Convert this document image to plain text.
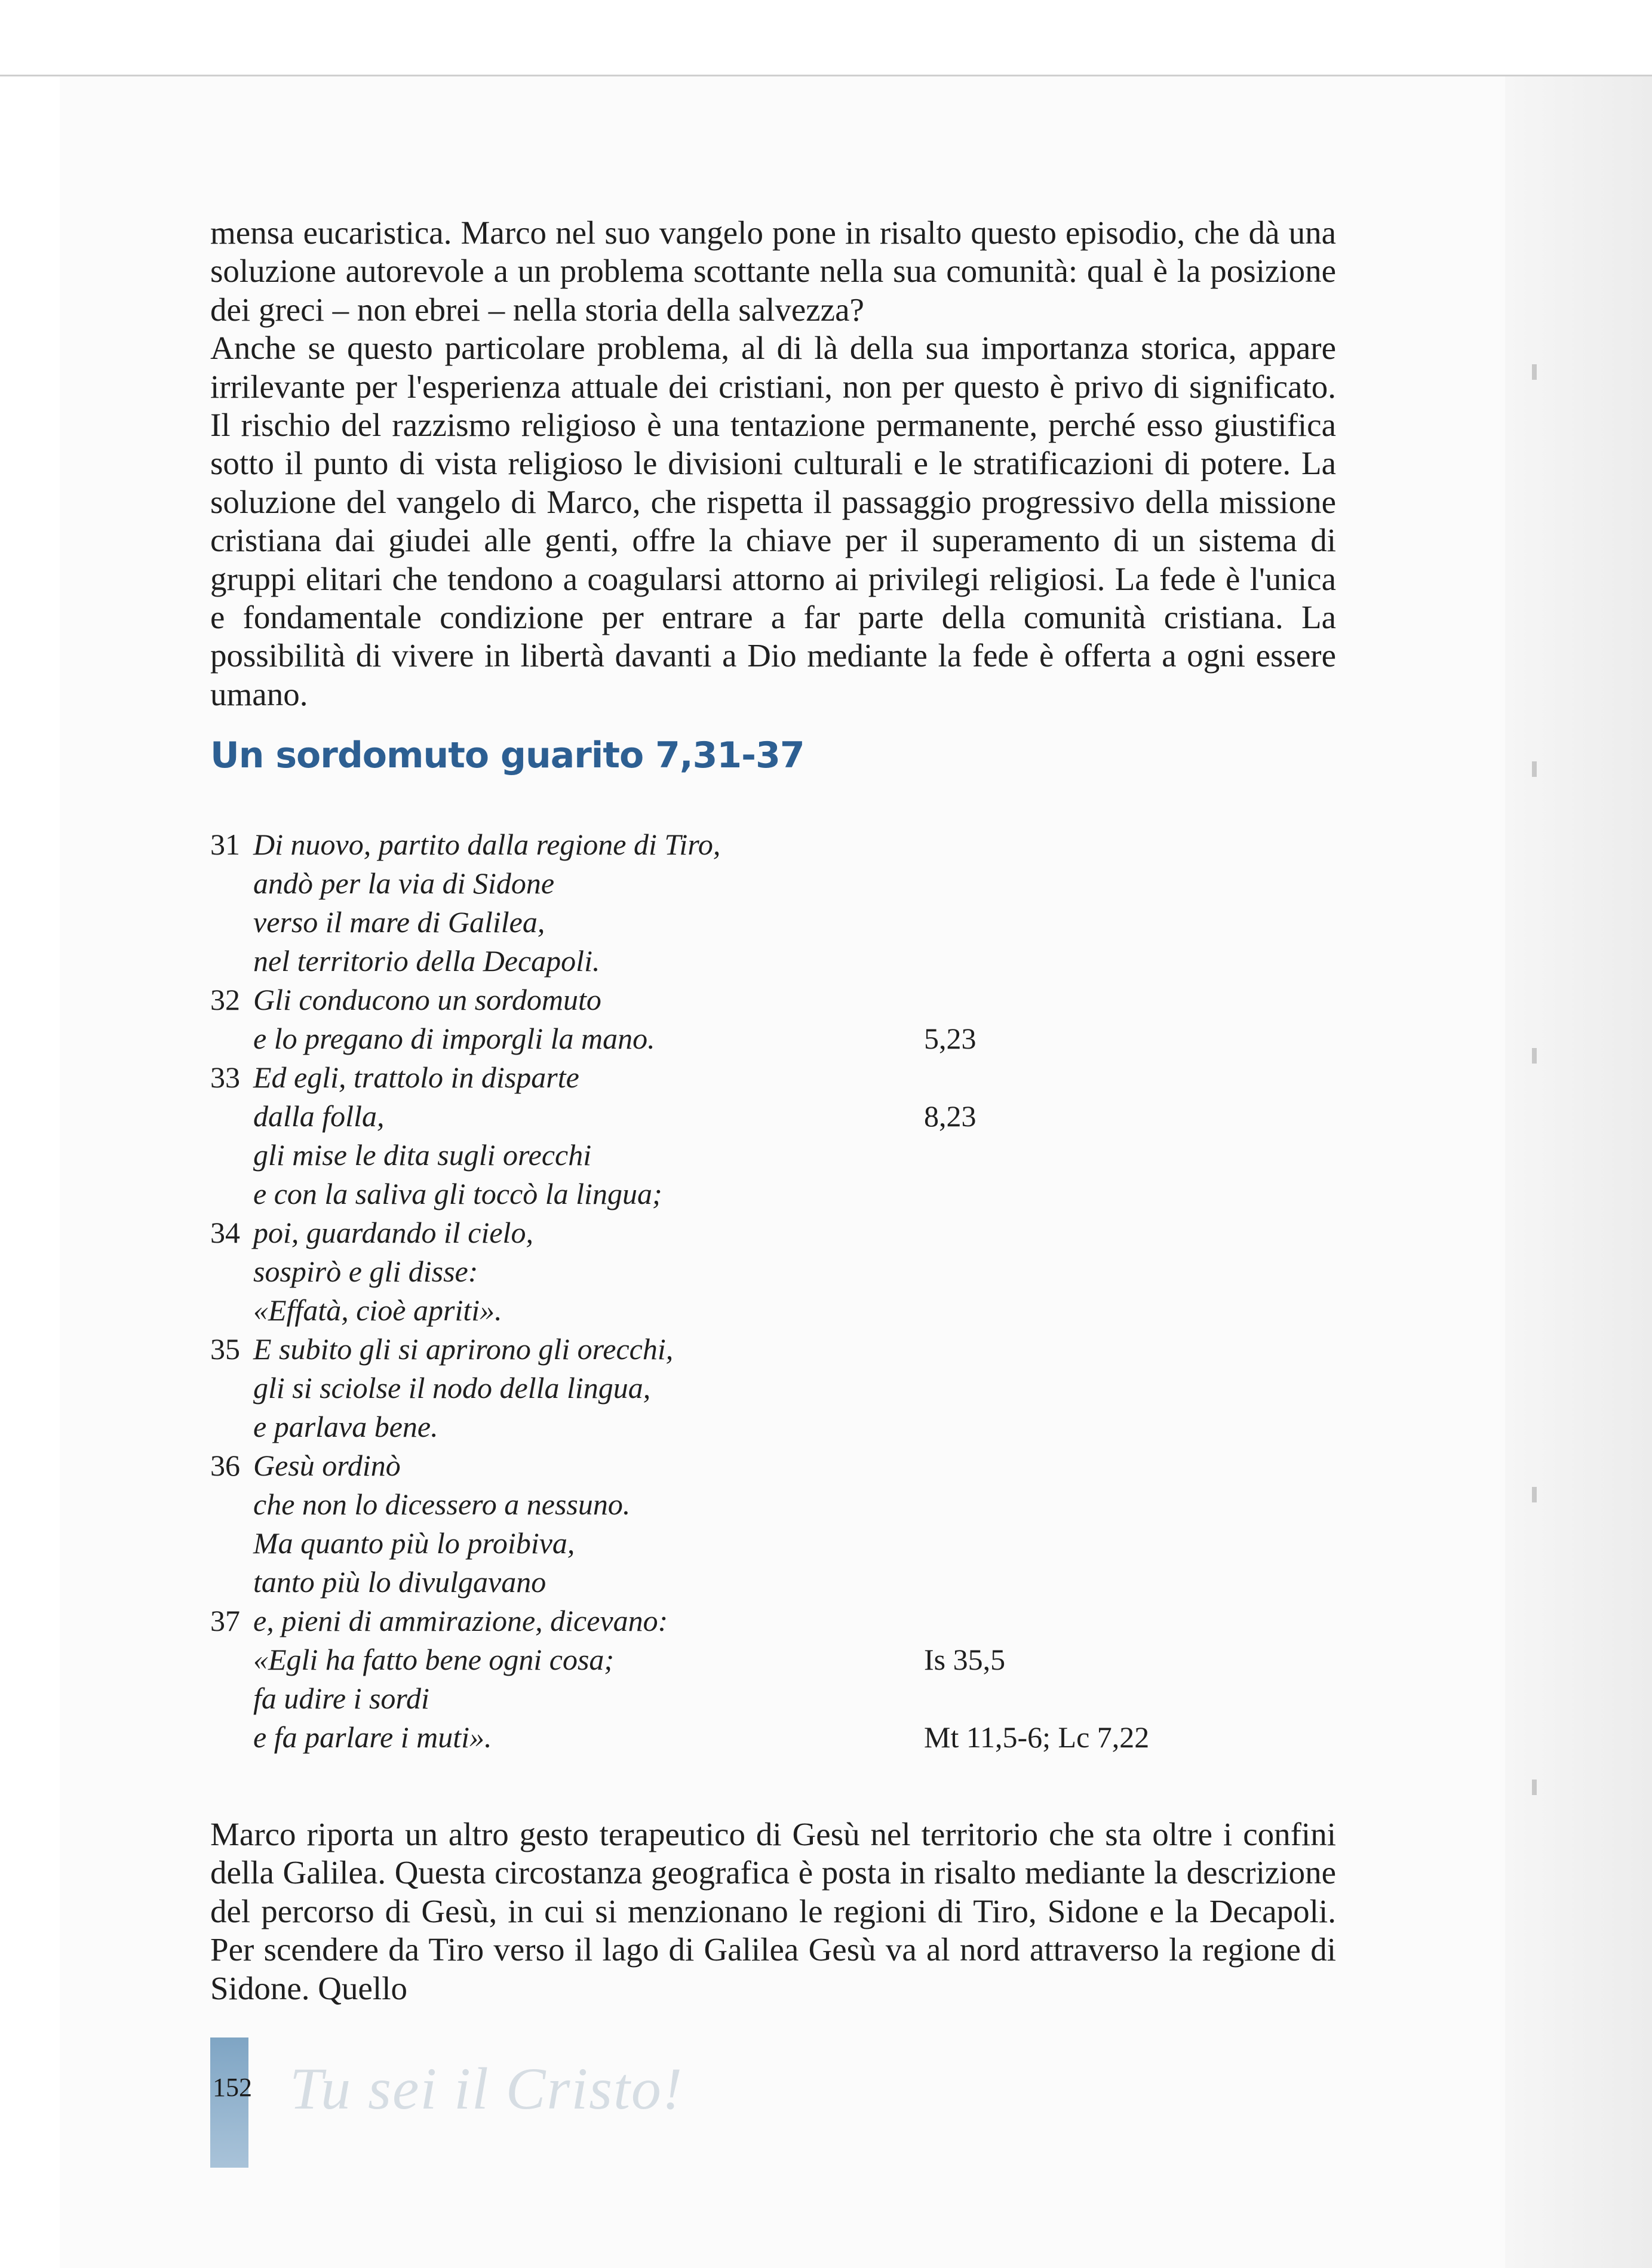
mensa eucaristica. Marco nel suo vangelo pone in risalto questo episodio, che dà una soluzione autorevole a un problema scottante nella sua comunità: qual è la posizione dei greci – non ebrei – nella storia della salvezza?

Anche se questo particolare problema, al di là della sua importanza storica, appare irrilevante per l'esperienza attuale dei cristiani, non per questo è privo di significato. Il rischio del razzismo religioso è una tentazione permanente, perché esso giustifica sotto il punto di vista religioso le divisioni culturali e le stratificazioni di potere. La soluzione del vangelo di Marco, che rispetta il passaggio progressivo della missione cristiana dai giudei alle genti, offre la chiave per il superamento di un sistema di gruppi elitari che tendono a coagularsi attorno ai privilegi religiosi. La fede è l'unica e fondamentale condizione per entrare a far parte della comunità cristiana. La possibilità di vivere in libertà davanti a Dio mediante la fede è offerta a ogni essere umano.

Un sordomuto guarito 7,31-37
31 Di nuovo, partito dalla regione di Tiro,
andò per la via di Sidone
verso il mare di Galilea,
nel territorio della Decapoli.
32 Gli conducono un sordomuto
e lo pregano di imporgli la mano.	5,23
33 Ed egli, trattolo in disparte
dalla folla,	8,23
gli mise le dita sugli orecchi
e con la saliva gli toccò la lingua;
34 poi, guardando il cielo,
sospirò e gli disse:
«Effatà, cioè apriti».
35 E subito gli si aprirono gli orecchi,
gli si sciolse il nodo della lingua,
e parlava bene.
36 Gesù ordinò
che non lo dicessero a nessuno.
Ma quanto più lo proibiva,
tanto più lo divulgavano
37 e, pieni di ammirazione, dicevano:
«Egli ha fatto bene ogni cosa;	Is 35,5
fa udire i sordi
e fa parlare i muti».	Mt 11,5-6; Lc 7,22

Marco riporta un altro gesto terapeutico di Gesù nel territorio che sta oltre i confini della Galilea. Questa circostanza geografica è posta in risalto mediante la descrizione del percorso di Gesù, in cui si menzionano le regioni di Tiro, Sidone e la Decapoli. Per scendere da Tiro verso il lago di Galilea Gesù va al nord attraverso la regione di Sidone. Quello

152 Tu sei il Cristo!
